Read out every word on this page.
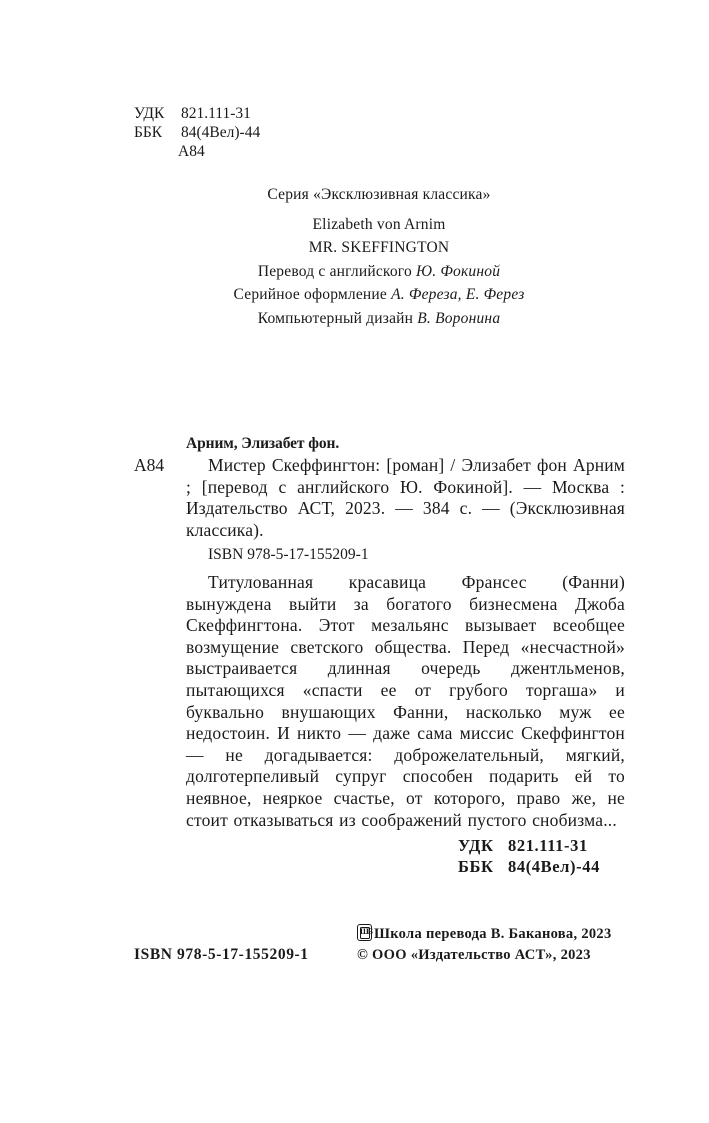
УДК 821.111-31
ББК 84(4Вел)-44
А84
Серия «Эксклюзивная классика»
Elizabeth von Arnim
MR. SKEFFINGTON
Перевод с английского Ю. Фокиной
Серийное оформление А. Фереза, Е. Ферез
Компьютерный дизайн В. Воронина
Арним, Элизабет фон.
А84	Мистер Скеффингтон: [роман] / Элизабет фон Арним ; [перевод с английского Ю. Фокиной]. — Москва : Издательство АСТ, 2023. — 384 с. — (Эксклюзивная классика).
ISBN 978-5-17-155209-1
Титулованная красавица Франсес (Фанни) вынуждена выйти за богатого бизнесмена Джоба Скеффингтона. Этот мезальянс вызывает всеобщее возмущение светского общества. Перед «несчастной» выстраивается длинная очередь джентльменов, пытающихся «спасти ее от грубого торгаша» и буквально внушающих Фанни, насколько муж ее недостоин. И никто — даже сама миссис Скеффингтон — не догадывается: доброжелательный, мягкий, долготерпеливый супруг способен подарить ей то неявное, неяркое счастье, от которого, право же, не стоит отказываться из соображений пустого снобизма...
УДК 821.111-31
ББК 84(4Вел)-44
ISBN 978-5-17-155209-1
ШБ Школа перевода В. Баканова, 2023
© ООО «Издательство АСТ», 2023
